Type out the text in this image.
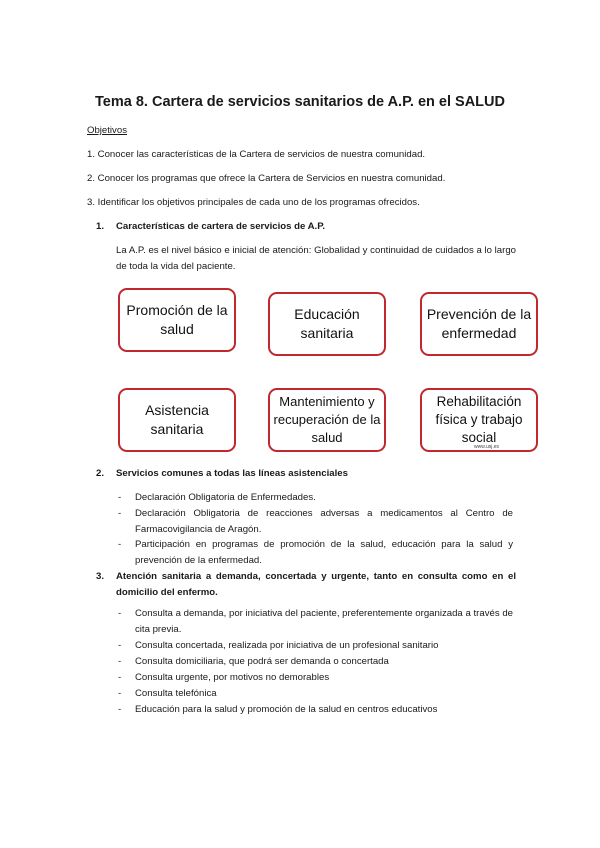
Tema 8. Cartera de servicios sanitarios de A.P. en el SALUD
Objetivos
1. Conocer las características de la Cartera de servicios de nuestra comunidad.
2. Conocer los programas que ofrece la Cartera de Servicios en nuestra comunidad.
3. Identificar los objetivos principales de cada uno de los programas ofrecidos.
1. Características de cartera de servicios de A.P.
La A.P. es el nivel básico e inicial de atención: Globalidad y continuidad de cuidados a lo largo de toda la vida del paciente.
Promoción de la salud
Educación sanitaria
Prevención de la enfermedad
Asistencia sanitaria
Mantenimiento y recuperación de la salud
Rehabilitación física y trabajo social
www.usj.es
2. Servicios comunes a todas las líneas asistenciales
-	Declaración Obligatoria de Enfermedades.
-	Declaración Obligatoria de reacciones adversas a medicamentos al Centro de Farmacovigilancia de Aragón.
-	Participación en programas de promoción de la salud, educación para la salud y prevención de la enfermedad.
3. Atención sanitaria a demanda, concertada y urgente, tanto en consulta como en el domicilio del enfermo.
-	Consulta a demanda, por iniciativa del paciente, preferentemente organizada a través de cita previa.
-	Consulta concertada, realizada por iniciativa de un profesional sanitario
-	Consulta domiciliaria, que podrá ser demanda o concertada
-	Consulta urgente, por motivos no demorables
-	Consulta telefónica
-	Educación para la salud y promoción de la salud en centros educativos
